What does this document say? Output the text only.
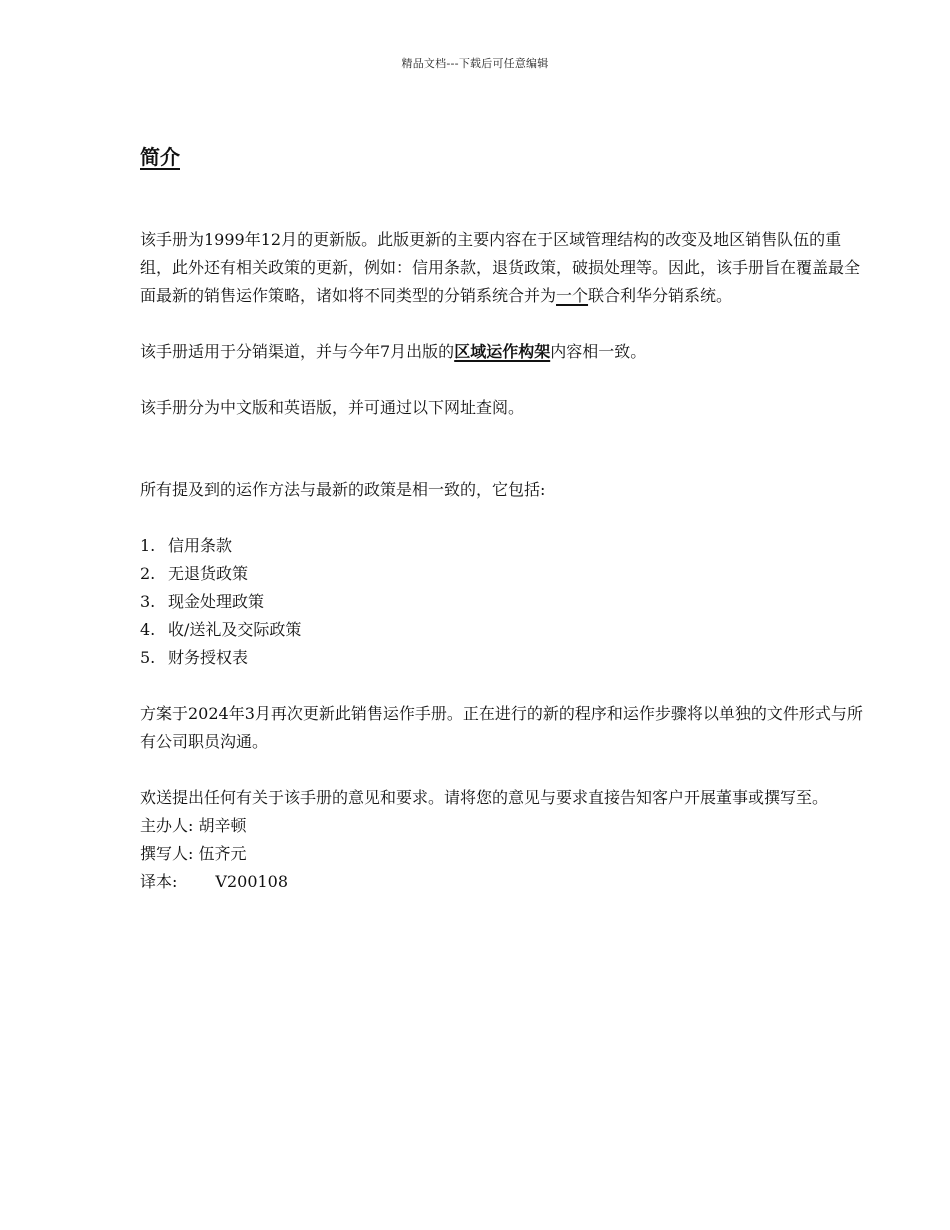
精品文档---下载后可任意编辑
简介

该手册为1999年12月的更新版。此版更新的主要内容在于区域管理结构的改变及地区销售队伍的重组，此外还有相关政策的更新，例如：信用条款，退货政策，破损处理等。因此，该手册旨在覆盖最全面最新的销售运作策略，诸如将不同类型的分销系统合并为一个联合利华分销系统。

该手册适用于分销渠道，并与今年7月出版的区域运作构架内容相一致。

该手册分为中文版和英语版，并可通过以下网址查阅。

所有提及到的运作方法与最新的政策是相一致的，它包括:

1. 信用条款
2. 无退货政策
3. 现金处理政策
4. 收/送礼及交际政策
5. 财务授权表

方案于2024年3月再次更新此销售运作手册。正在进行的新的程序和运作步骤将以单独的文件形式与所有公司职员沟通。

欢送提出任何有关于该手册的意见和要求。请将您的意见与要求直接告知客户开展董事或撰写至。

主办人: 胡辛顿
撰写人: 伍齐元
译本: V200108
